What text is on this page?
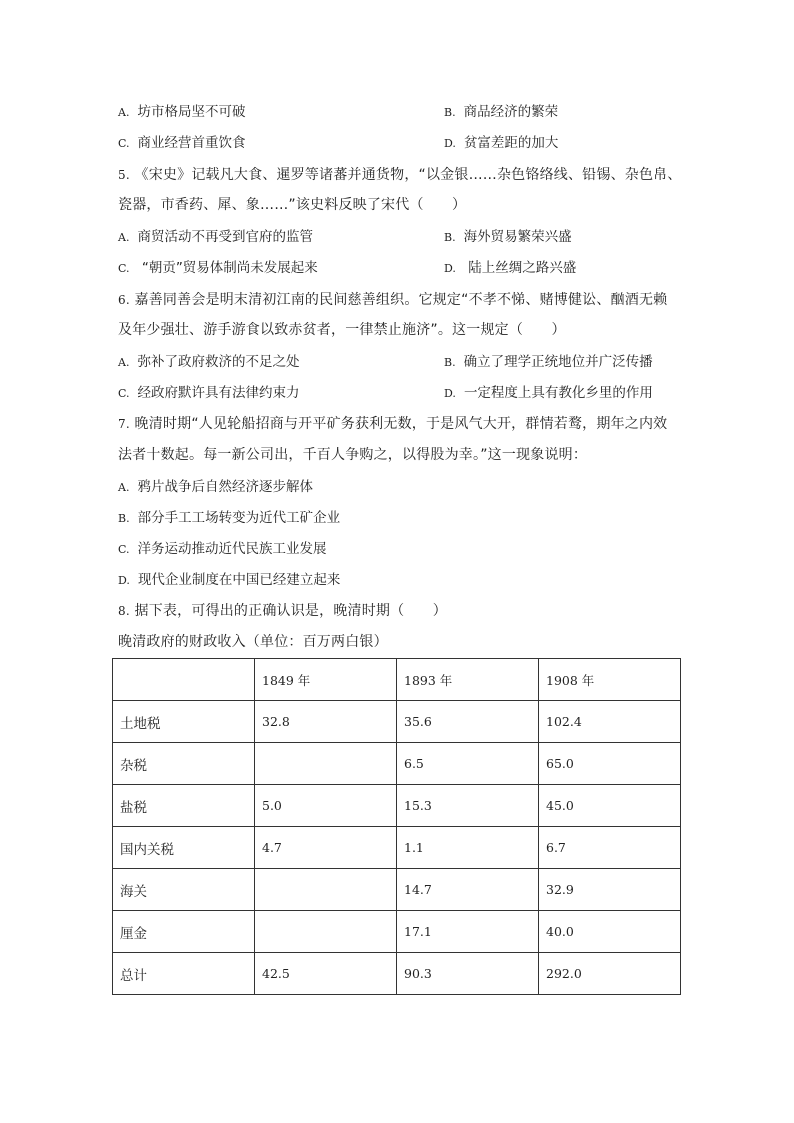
A. 坊市格局坚不可破	B. 商品经济的繁荣
C. 商业经营首重饮食	D. 贫富差距的加大
5. 《宋史》记载凡大食、暹罗等诸蕃并通货物，“以金银……杂色铬络线、铅锡、杂色帛、
瓷器，市香药、犀、象……”该史料反映了宋代（　　）
A. 商贸活动不再受到官府的监管	B. 海外贸易繁荣兴盛
C. “朝贡”贸易体制尚未发展起来	D. 陆上丝绸之路兴盛
6. 嘉善同善会是明末清初江南的民间慈善组织。它规定“不孝不悌、赌博健讼、酗酒无赖
及年少强壮、游手游食以致赤贫者，一律禁止施济”。这一规定（　　）
A. 弥补了政府救济的不足之处	B. 确立了理学正统地位并广泛传播
C. 经政府默许具有法律约束力	D. 一定程度上具有教化乡里的作用
7. 晚清时期“人见轮船招商与开平矿务获利无数，于是风气大开，群情若鹜，期年之内效
法者十数起。每一新公司出，千百人争购之，以得股为幸。”这一现象说明：
A. 鸦片战争后自然经济逐步解体
B. 部分手工工场转变为近代工矿企业
C. 洋务运动推动近代民族工业发展
D. 现代企业制度在中国已经建立起来
8. 据下表，可得出的正确认识是，晚清时期（　　）
晚清政府的财政收入（单位：百万两白银）
	1849 年	1893 年	1908 年
土地税	32.8	35.6	102.4
杂税		6.5	65.0
盐税	5.0	15.3	45.0
国内关税	4.7	1.1	6.7
海关		14.7	32.9
厘金		17.1	40.0
总计	42.5	90.3	292.0
